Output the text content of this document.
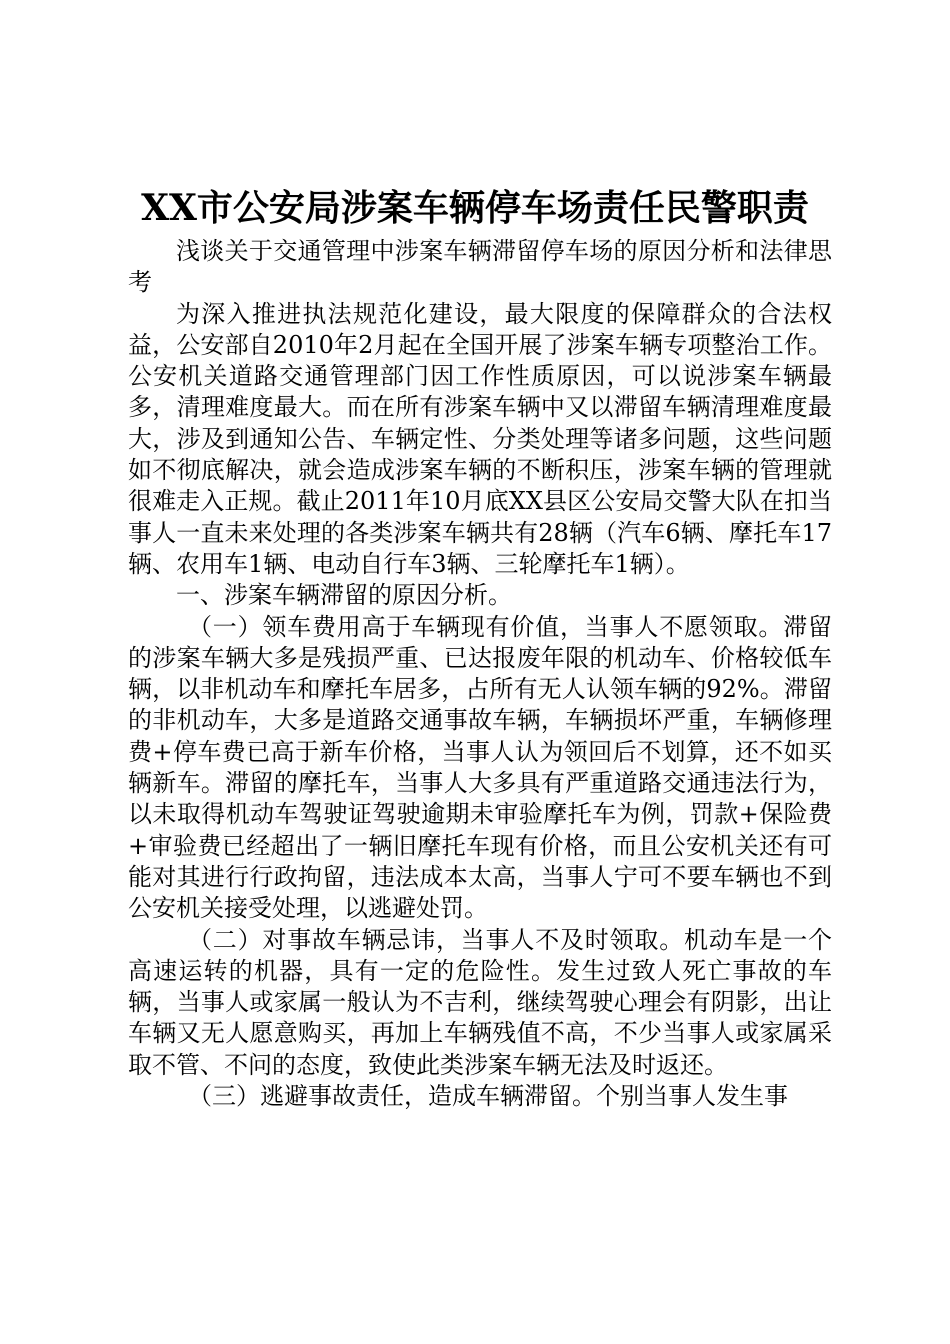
XX市公安局涉案车辆停车场责任民警职责

浅谈关于交通管理中涉案车辆滞留停车场的原因分析和法律思考

为深入推进执法规范化建设，最大限度的保障群众的合法权益，公安部自2010年2月起在全国开展了涉案车辆专项整治工作。公安机关道路交通管理部门因工作性质原因，可以说涉案车辆最多，清理难度最大。而在所有涉案车辆中又以滞留车辆清理难度最大，涉及到通知公告、车辆定性、分类处理等诸多问题，这些问题如不彻底解决，就会造成涉案车辆的不断积压，涉案车辆的管理就很难走入正规。截止2011年10月底XX县区公安局交警大队在扣当事人一直未来处理的各类涉案车辆共有28辆（汽车6辆、摩托车17辆、农用车1辆、电动自行车3辆、三轮摩托车1辆）。

一、涉案车辆滞留的原因分析。

（一）领车费用高于车辆现有价值，当事人不愿领取。滞留的涉案车辆大多是残损严重、已达报废年限的机动车、价格较低车辆，以非机动车和摩托车居多，占所有无人认领车辆的92%。滞留的非机动车，大多是道路交通事故车辆，车辆损坏严重，车辆修理费+停车费已高于新车价格，当事人认为领回后不划算，还不如买辆新车。滞留的摩托车，当事人大多具有严重道路交通违法行为，以未取得机动车驾驶证驾驶逾期未审验摩托车为例，罚款+保险费+审验费已经超出了一辆旧摩托车现有价格，而且公安机关还有可能对其进行行政拘留，违法成本太高，当事人宁可不要车辆也不到公安机关接受处理，以逃避处罚。

（二）对事故车辆忌讳，当事人不及时领取。机动车是一个高速运转的机器，具有一定的危险性。发生过致人死亡事故的车辆，当事人或家属一般认为不吉利，继续驾驶心理会有阴影，出让车辆又无人愿意购买，再加上车辆残值不高，不少当事人或家属采取不管、不问的态度，致使此类涉案车辆无法及时返还。

（三）逃避事故责任，造成车辆滞留。个别当事人发生事
